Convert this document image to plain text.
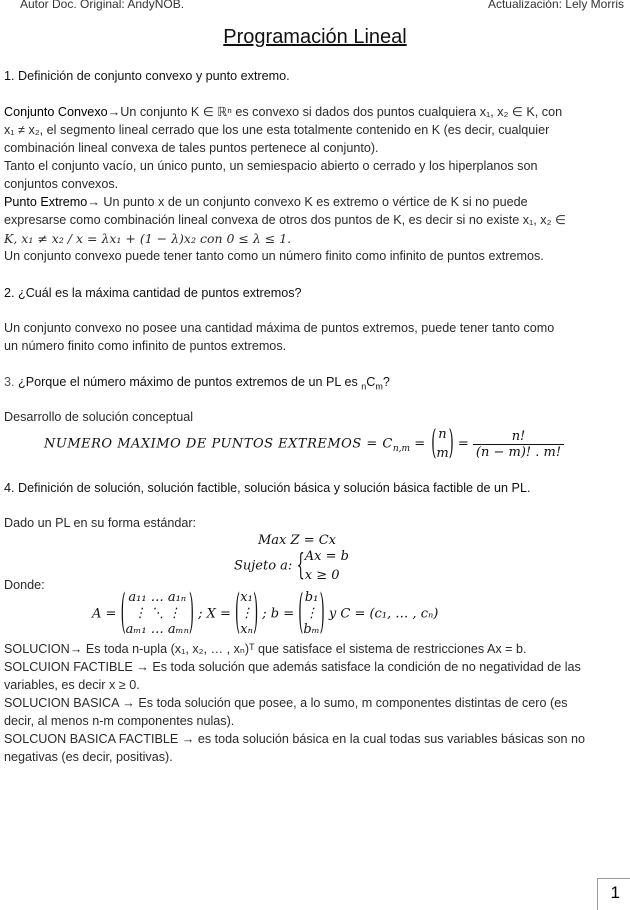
Autor Doc. Original: AndyNOB.	Actualización: Lely Morris
Programación Lineal
1. Definición de conjunto convexo y punto extremo.
Conjunto Convexo→Un conjunto K ∈ ℝⁿ es convexo si dados dos puntos cualquiera x₁, x₂ ∈ K, con
x₁ ≠ x₂, el segmento lineal cerrado que los une esta totalmente contenido en K (es decir, cualquier
combinación lineal convexa de tales puntos pertenece al conjunto).
Tanto el conjunto vacío, un único punto, un semiespacio abierto o cerrado y los hiperplanos son
conjuntos convexos.
Punto Extremo→ Un punto x de un conjunto convexo K es extremo o vértice de K si no puede
expresarse como combinación lineal convexa de otros dos puntos de K, es decir si no existe x₁, x₂ ∈
K, x₁ ≠ x₂ / x = λx₁ + (1 − λ)x₂ con 0 ≤ λ ≤ 1.
Un conjunto convexo puede tener tanto como un número finito como infinito de puntos extremos.
2. ¿Cuál es la máxima cantidad de puntos extremos?
Un conjunto convexo no posee una cantidad máxima de puntos extremos, puede tener tanto como
un número finito como infinito de puntos extremos.
3. ¿Porque el número máximo de puntos extremos de un PL es $_nC_m$?
Desarrollo de solución conceptual
NUMERO MAXIMO DE PUNTOS EXTREMOS = $C_{n,m}$ = ( n
m ) = $\frac{n!}{(n - m)! . m!}$
4. Definición de solución, solución factible, solución básica y solución básica factible de un PL.
Dado un PL en su forma estándar:
Max Z = Cx
Sujeto a: { Ax = b
x ≥ 0
Donde:
A = ( a₁₁ … a₁ₙ
⋮ ⋱ ⋮
aₘ₁ … aₘₙ ) ; X = ( x₁
⋮
xₙ ) ; b = ( b₁
⋮
bₘ ) y C = (c₁, … , cₙ)
SOLUCION→ Es toda n-upla (x₁, x₂, … , xₙ)ᵀ que satisface el sistema de restricciones Ax = b.
SOLCUION FACTIBLE → Es toda solución que además satisface la condición de no negatividad de las
variables, es decir x ≥ 0.
SOLUCION BASICA → Es toda solución que posee, a lo sumo, m componentes distintas de cero (es
decir, al menos n-m componentes nulas).
SOLCUON BASICA FACTIBLE → es toda solución básica en la cual todas sus variables básicas son no
negativas (es decir, positivas).
1
